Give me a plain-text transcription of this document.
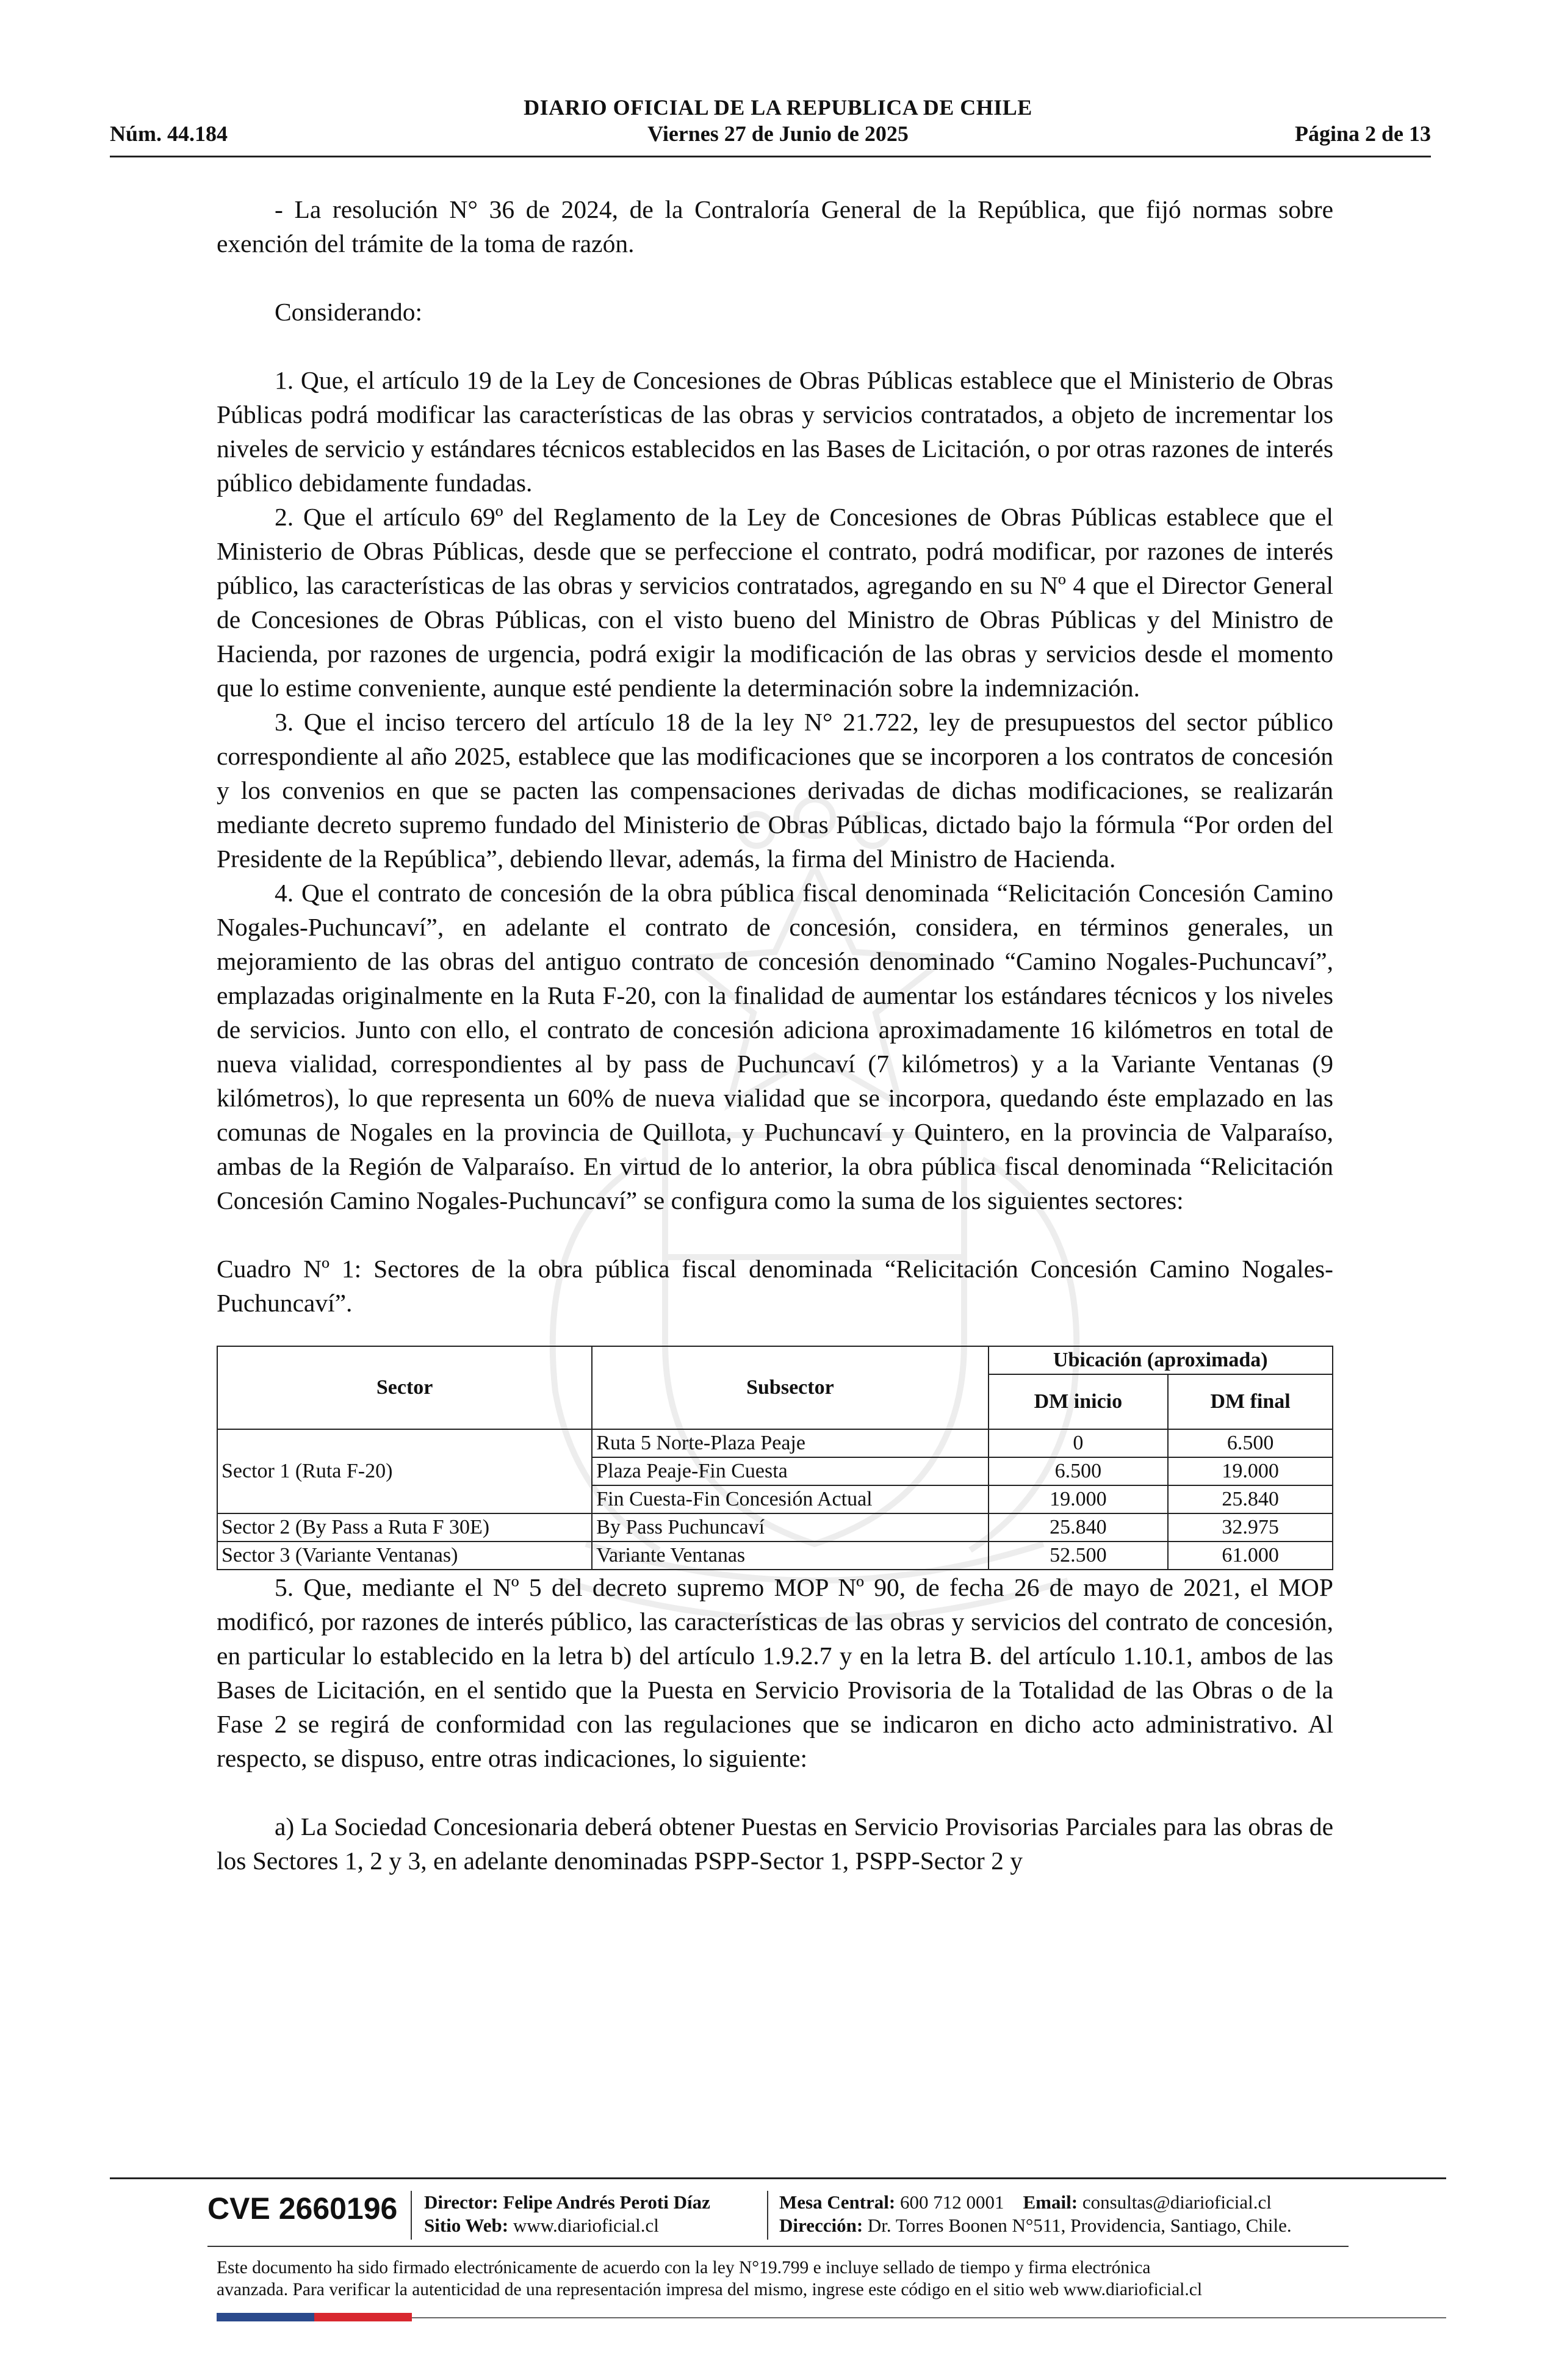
DIARIO OFICIAL DE LA REPUBLICA DE CHILE
Núm. 44.184	Viernes 27 de Junio de 2025	Página 2 de 13

- La resolución N° 36 de 2024, de la Contraloría General de la República, que fijó normas sobre exención del trámite de la toma de razón.

Considerando:

1. Que, el artículo 19 de la Ley de Concesiones de Obras Públicas establece que el Ministerio de Obras Públicas podrá modificar las características de las obras y servicios contratados, a objeto de incrementar los niveles de servicio y estándares técnicos establecidos en las Bases de Licitación, o por otras razones de interés público debidamente fundadas.

2. Que el artículo 69º del Reglamento de la Ley de Concesiones de Obras Públicas establece que el Ministerio de Obras Públicas, desde que se perfeccione el contrato, podrá modificar, por razones de interés público, las características de las obras y servicios contratados, agregando en su Nº 4 que el Director General de Concesiones de Obras Públicas, con el visto bueno del Ministro de Obras Públicas y del Ministro de Hacienda, por razones de urgencia, podrá exigir la modificación de las obras y servicios desde el momento que lo estime conveniente, aunque esté pendiente la determinación sobre la indemnización.

3. Que el inciso tercero del artículo 18 de la ley N° 21.722, ley de presupuestos del sector público correspondiente al año 2025, establece que las modificaciones que se incorporen a los contratos de concesión y los convenios en que se pacten las compensaciones derivadas de dichas modificaciones, se realizarán mediante decreto supremo fundado del Ministerio de Obras Públicas, dictado bajo la fórmula “Por orden del Presidente de la República”, debiendo llevar, además, la firma del Ministro de Hacienda.

4. Que el contrato de concesión de la obra pública fiscal denominada “Relicitación Concesión Camino Nogales-Puchuncaví”, en adelante el contrato de concesión, considera, en términos generales, un mejoramiento de las obras del antiguo contrato de concesión denominado “Camino Nogales-Puchuncaví”, emplazadas originalmente en la Ruta F-20, con la finalidad de aumentar los estándares técnicos y los niveles de servicios. Junto con ello, el contrato de concesión adiciona aproximadamente 16 kilómetros en total de nueva vialidad, correspondientes al by pass de Puchuncaví (7 kilómetros) y a la Variante Ventanas (9 kilómetros), lo que representa un 60% de nueva vialidad que se incorpora, quedando éste emplazado en las comunas de Nogales en la provincia de Quillota, y Puchuncaví y Quintero, en la provincia de Valparaíso, ambas de la Región de Valparaíso. En virtud de lo anterior, la obra pública fiscal denominada “Relicitación Concesión Camino Nogales-Puchuncaví” se configura como la suma de los siguientes sectores:

Cuadro Nº 1: Sectores de la obra pública fiscal denominada “Relicitación Concesión Camino Nogales-Puchuncaví”.

Sector	Subsector	Ubicación (aproximada)	
		DM inicio	DM final
Sector 1 (Ruta F-20)	Ruta 5 Norte-Plaza Peaje	0	6.500
	Plaza Peaje-Fin Cuesta	6.500	19.000
	Fin Cuesta-Fin Concesión Actual	19.000	25.840
Sector 2 (By Pass a Ruta F 30E)	By Pass Puchuncaví	25.840	32.975
Sector 3 (Variante Ventanas)	Variante Ventanas	52.500	61.000

5. Que, mediante el Nº 5 del decreto supremo MOP Nº 90, de fecha 26 de mayo de 2021, el MOP modificó, por razones de interés público, las características de las obras y servicios del contrato de concesión, en particular lo establecido en la letra b) del artículo 1.9.2.7 y en la letra B. del artículo 1.10.1, ambos de las Bases de Licitación, en el sentido que la Puesta en Servicio Provisoria de la Totalidad de las Obras o de la Fase 2 se regirá de conformidad con las regulaciones que se indicaron en dicho acto administrativo. Al respecto, se dispuso, entre otras indicaciones, lo siguiente:

a) La Sociedad Concesionaria deberá obtener Puestas en Servicio Provisorias Parciales para las obras de los Sectores 1, 2 y 3, en adelante denominadas PSPP-Sector 1, PSPP-Sector 2 y

CVE 2660196 Director: Felipe Andrés Peroti Díaz
Sitio Web: www.diarioficial.cl
Mesa Central: 600 712 0001 Email: consultas@diarioficial.cl
Dirección: Dr. Torres Boonen N°511, Providencia, Santiago, Chile.
Este documento ha sido firmado electrónicamente de acuerdo con la ley N°19.799 e incluye sellado de tiempo y firma electrónica
avanzada. Para verificar la autenticidad de una representación impresa del mismo, ingrese este código en el sitio web www.diarioficial.cl
